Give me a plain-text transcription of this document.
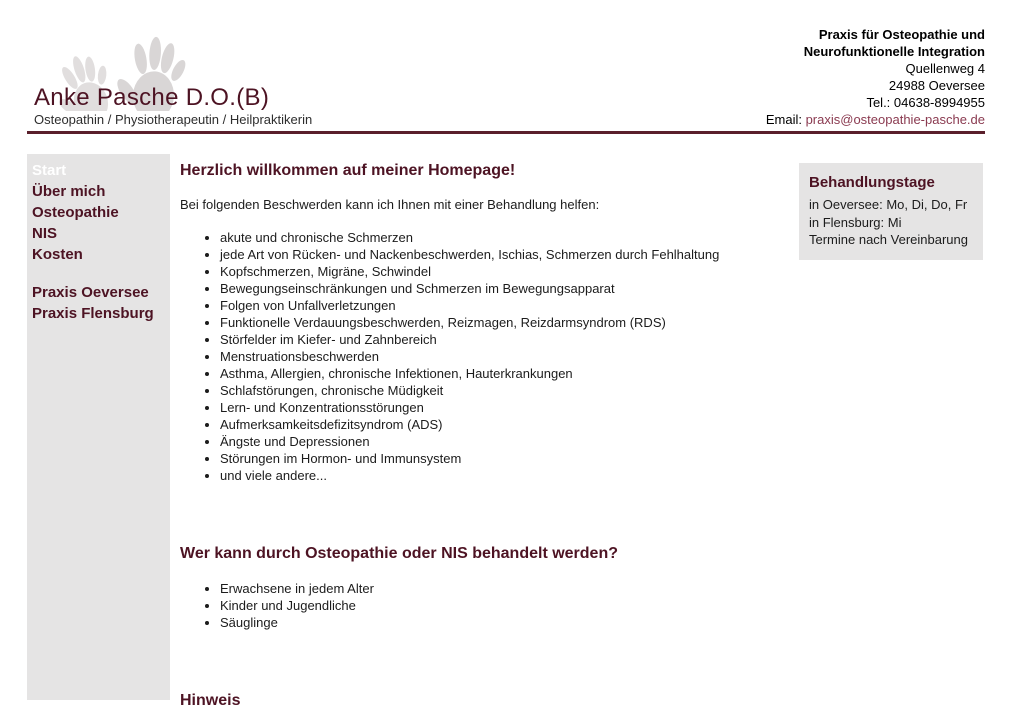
Anke Pasche D.O.(B)
Osteopathin / Physiotherapeutin / Heilpraktikerin
Praxis für Osteopathie und
Neurofunktionelle Integration
Quellenweg 4
24988 Oeversee
Tel.: 04638-8994955
Email: praxis@osteopathie-pasche.de
Start
Über mich
Osteopathie
NIS
Kosten
Praxis Oeversee
Praxis Flensburg
Herzlich willkommen auf meiner Homepage!

Bei folgenden Beschwerden kann ich Ihnen mit einer Behandlung helfen:

• akute und chronische Schmerzen
• jede Art von Rücken- und Nackenbeschwerden, Ischias, Schmerzen durch Fehlhaltung
• Kopfschmerzen, Migräne, Schwindel
• Bewegungseinschränkungen und Schmerzen im Bewegungsapparat
• Folgen von Unfallverletzungen
• Funktionelle Verdauungsbeschwerden, Reizmagen, Reizdarmsyndrom (RDS)
• Störfelder im Kiefer- und Zahnbereich
• Menstruationsbeschwerden
• Asthma, Allergien, chronische Infektionen, Hauterkrankungen
• Schlafstörungen, chronische Müdigkeit
• Lern- und Konzentrationsstörungen
• Aufmerksamkeitsdefizitsyndrom (ADS)
• Ängste und Depressionen
• Störungen im Hormon- und Immunsystem
• und viele andere...
Wer kann durch Osteopathie oder NIS behandelt werden?
• Erwachsene in jedem Alter
• Kinder und Jugendliche
• Säuglinge
Hinweis
Behandlungstage
in Oeversee: Mo, Di, Do, Fr
in Flensburg: Mi
Termine nach Vereinbarung
